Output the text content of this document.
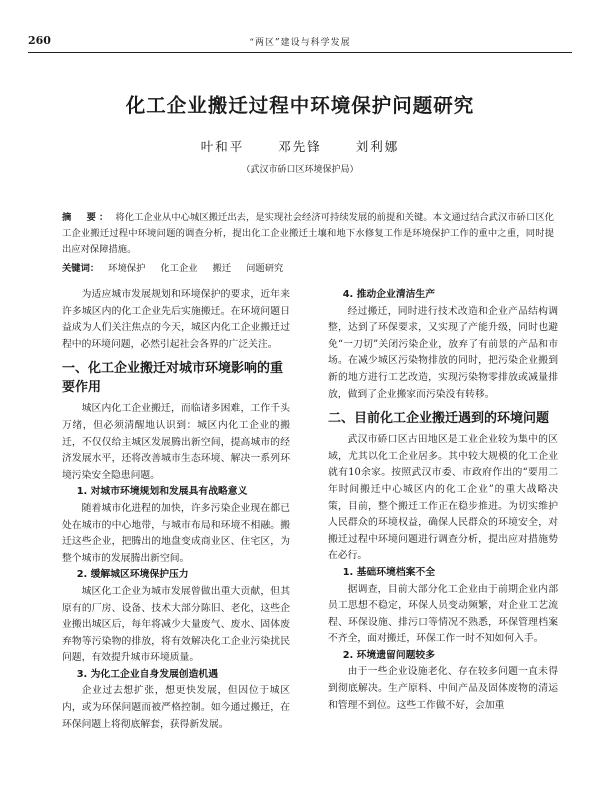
260	“两区”建设与科学发展
化工企业搬迁过程中环境保护问题研究
叶和平	邓先锋	刘利娜
（武汉市硚口区环境保护局）
摘　要： 将化工企业从中心城区搬迁出去，是实现社会经济可持续发展的前提和关键。本文通过结合武汉市硚口区化工企业搬迁过程中环境问题的调查分析，提出化工企业搬迁土壤和地下水修复工作是环境保护工作的重中之重，同时提出应对保障措施。
关键词： 环境保护 化工企业 搬迁 问题研究

为适应城市发展规划和环境保护的要求，近年来许多城区内的化工企业先后实施搬迁。在环境问题日益成为人们关注焦点的今天，城区内化工企业搬迁过程中的环境问题，必然引起社会各界的广泛关注。

一、化工企业搬迁对城市环境影响的重要作用

城区内化工企业搬迁，而临诸多困难，工作千头万绪，但必须清醒地认识到：城区内化工企业的搬迁，不仅仅给主城区发展腾出新空间，提高城市的经济发展水平，还将改善城市生态环境、解决一系列环境污染安全隐患问题。

1. 对城市环境规划和发展具有战略意义

随着城市化进程的加快，许多污染企业现在都已处在城市的中心地带，与城市布局和环境不相融。搬迁这些企业，把腾出的地盘变成商业区、住宅区，为整个城市的发展腾出新空间。

2. 缓解城区环境保护压力

城区化工企业为城市发展曾做出重大贡献，但其原有的厂房、设备、技术大部分陈旧、老化，这些企业搬出城区后，每年将减少大量废气、废水、固体废弃物等污染物的排放，将有效解决化工企业污染扰民问题，有效提升城市环境质量。

3. 为化工企业自身发展创造机遇

企业过去想扩张，想更快发展，但因位于城区内，或为环保问题而被严格控制。如今通过搬迁，在环保问题上将彻底解套，获得新发展。

4. 推动企业清洁生产

经过搬迁，同时进行技术改造和企业产品结构调整，达到了环保要求，又实现了产能升级，同时也避免“一刀切”关闭污染企业，放弃了有前景的产品和市场。在减少城区污染物排放的同时，把污染企业搬到新的地方进行工艺改造，实现污染物零排放或减量排放，做到了企业搬家而污染没有转移。

二、目前化工企业搬迁遇到的环境问题

武汉市硚口区古田地区是工业企业较为集中的区域，尤其以化工企业居多。其中较大规模的化工企业就有10余家。按照武汉市委、市政府作出的“要用二年时间搬迁中心城区内的化工企业”的重大战略决策，目前，整个搬迁工作正在稳步推进。为切实维护人民群众的环境权益，确保人民群众的环境安全，对搬迁过程中环境问题进行调查分析，提出应对措施势在必行。

1. 基础环境档案不全

据调查，目前大部分化工企业由于前期企业内部员工思想不稳定，环保人员变动频繁，对企业工艺流程、环保设施、排污口等情况不熟悉，环保管理档案不齐全，面对搬迁，环保工作一时不知如何入手。

2. 环境遗留问题较多

由于一些企业设施老化、存在较多问题一直未得到彻底解决。生产原料、中间产品及固体废物的清运和管理不到位。这些工作做不好，会加重
